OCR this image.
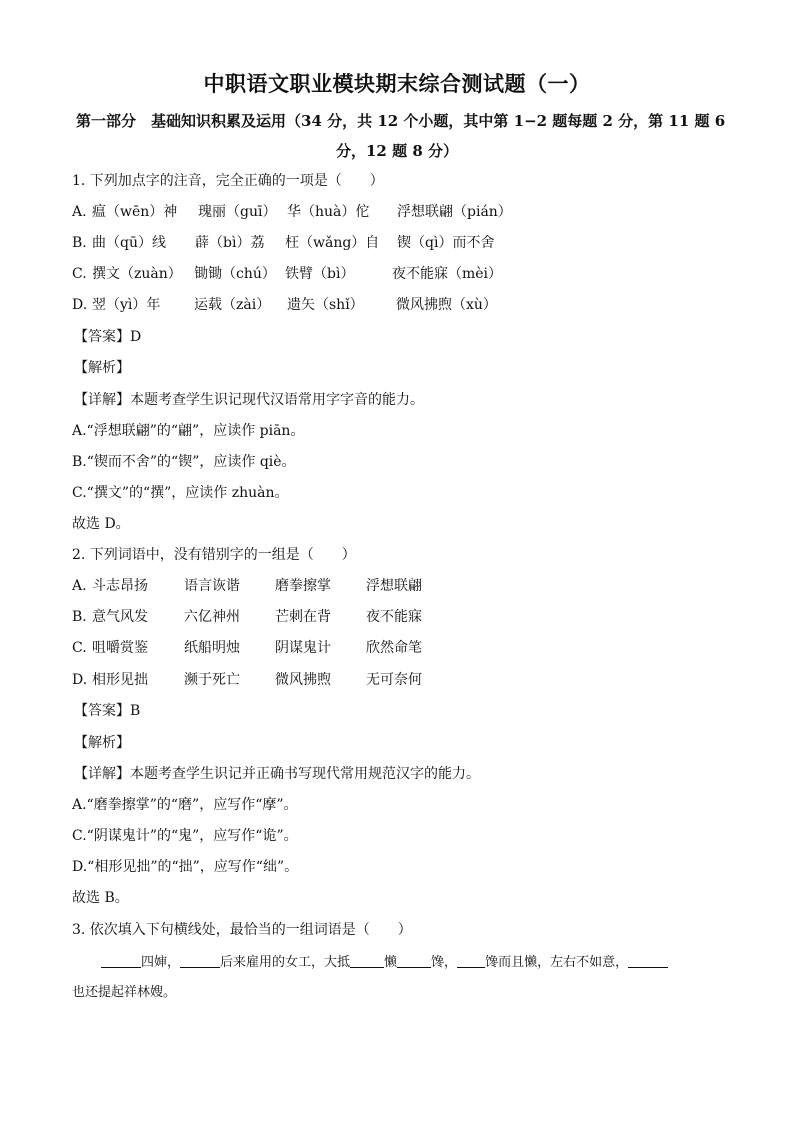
中职语文职业模块期末综合测试题（一）
第一部分　基础知识积累及运用（34 分，共 12 个小题，其中第 1−2 题每题 2 分，第 11 题 6
分，12 题 8 分）
1. 下列加点字的注音，完全正确的一项是（　　）
A. 瘟（wēn）神 瑰丽（guī） 华（huà）佗 浮想联翩（pián）
B. 曲（qū）线 薜（bì）荔 枉（wǎng）自 锲（qì）而不舍
C. 撰文（zuàn） 锄锄（chú） 铁臂（bì）	夜不能寐（mèi）
D. 翌（yì）年 运载（zài） 遗矢（shǐ） 微风拂煦（xù）
【答案】D
【解析】
【详解】本题考查学生识记现代汉语常用字字音的能力。
A.“浮想联翩”的“翩”，应读作 piān。
B.“锲而不舍”的“锲”，应读作 qiè。
C.“撰文”的“撰”，应读作 zhuàn。
故选 D。
2. 下列词语中，没有错别字的一组是（　　）
A. 斗志昂扬	语言诙谐	磨拳擦掌	浮想联翩
B. 意气风发	六亿神州	芒刺在背	夜不能寐
C. 咀嚼赏鉴	纸船明烛	阴谋鬼计	欣然命笔
D. 相形见拙	濒于死亡	微风拂煦	无可奈何
【答案】B
【解析】
【详解】本题考查学生识记并正确书写现代常用规范汉字的能力。
A.“磨拳擦掌”的“磨”，应写作“摩”。
C.“阴谋鬼计”的“鬼”，应写作“诡”。
D.“相形见拙”的“拙”，应写作“绌”。
故选 B。
3. 依次填入下句横线处，最恰当的一组词语是（　　）
四婶，	后来雇用的女工，大抵	懒	馋， 馋而且懒，左右不如意，
也还提起祥林嫂。
